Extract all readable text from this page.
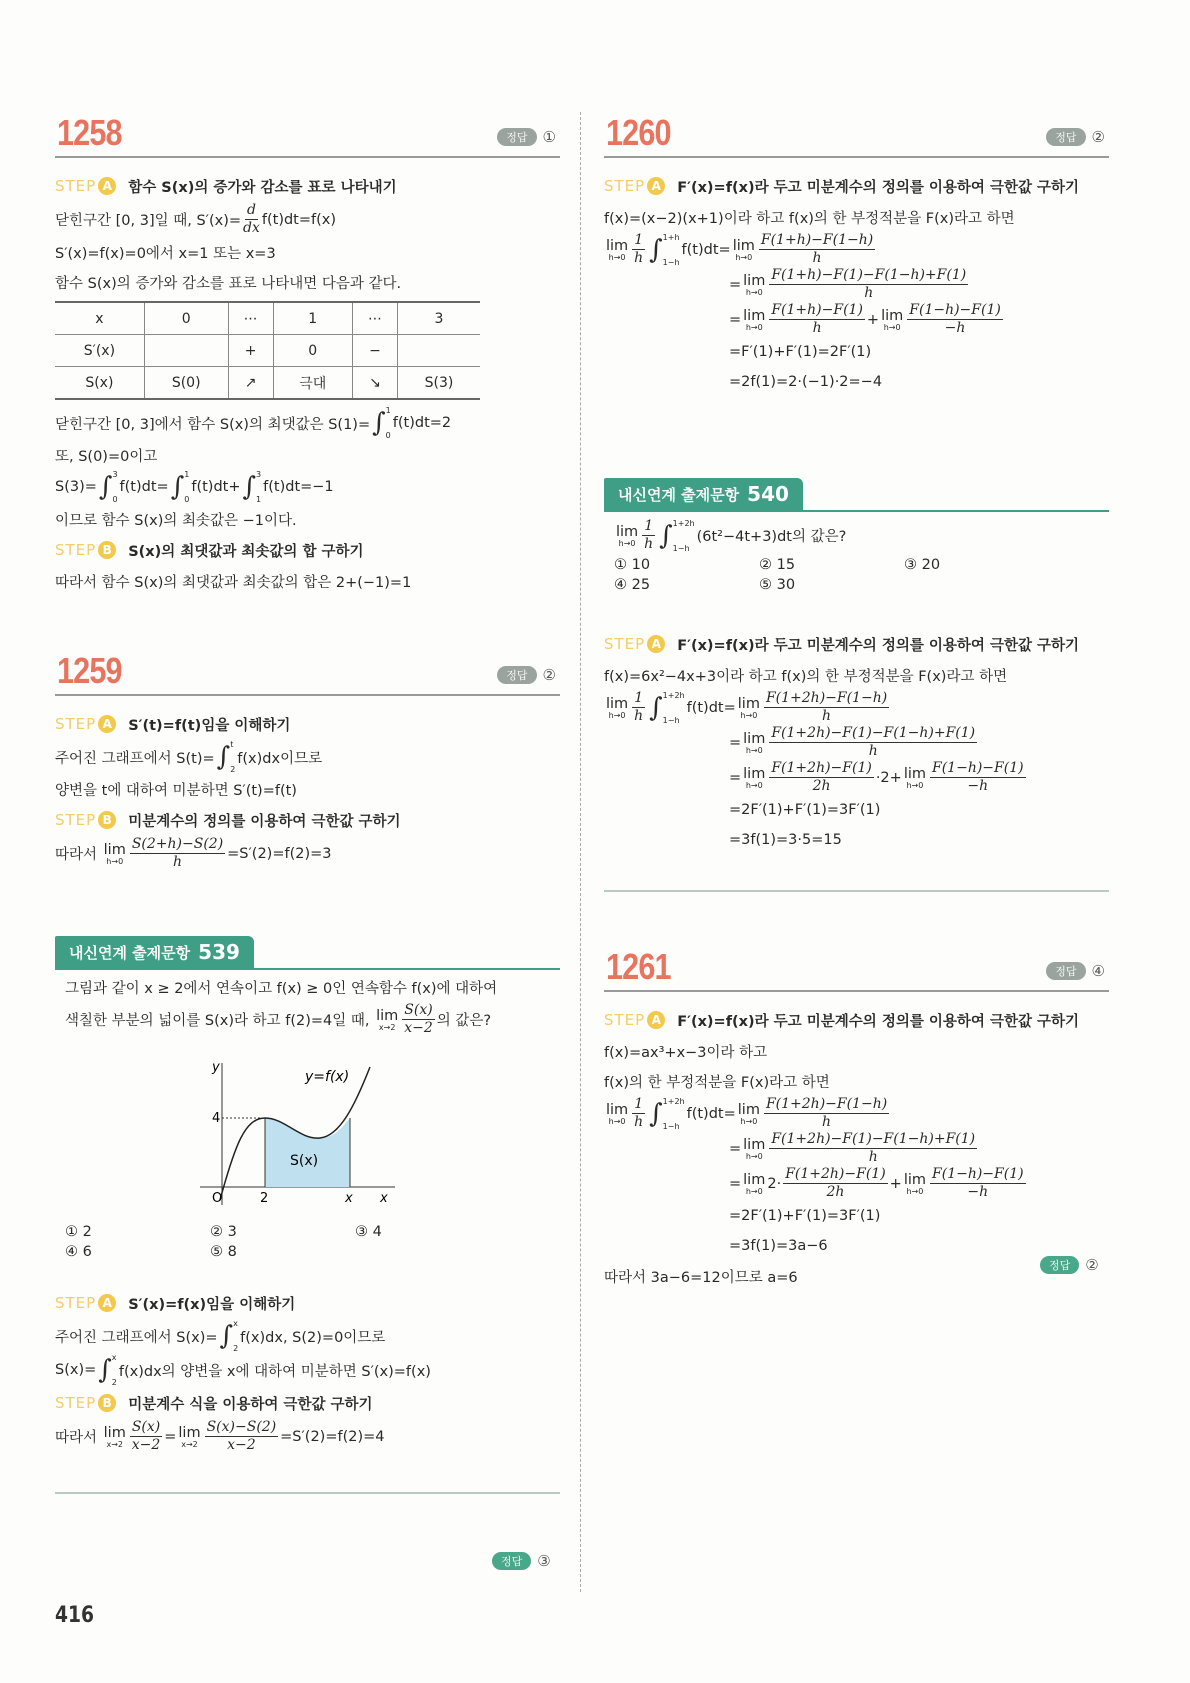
1258	정답	①
STEP A	함수 S(x)의 증가와 감소를 표로 나타내기
닫힌구간 [0, 3]일 때, $S'(x)= \frac{d}{dx} f(t)dt=f(x)$
S′(x)=f(x)=0에서 x=1 또는 x=3
함수 S(x)의 증가와 감소를 표로 나타내면 다음과 같다.
x	0	⋯	1	⋯	3
S′(x)		+	0	−	
S(x)	S(0)	↗	극대	↘	S(3)
닫힌구간 [0, 3]에서 함수 S(x)의 최댓값은 S(1)= ∫ 1
0
f(t)dt=2
또, S(0)=0이고
S(3)= ∫ 3
0
f(t)dt= ∫ 1
0
f(t)dt+ ∫ 3
1
f(t)dt=−1
이므로 함수 S(x)의 최솟값은 −1이다.
STEP B	S(x)의 최댓값과 최솟값의 합 구하기
따라서 함수 S(x)의 최댓값과 최솟값의 합은 2+(−1)=1
1259	정답	②
STEP A	S′(t)=f(t)임을 이해하기
주어진 그래프에서 S(t)= ∫ t
2
f(x)dx이므로
양변을 t에 대하여 미분하면 S′(t)=f(t)
STEP B	미분계수의 정의를 이용하여 극한값 구하기
따라서 lim
$h\to 0 \frac{S(2+h)-S(2)}{h} =S'(2)=f(2)=3$
내신연계 출제문항 539
그림과 같이 x ≥ 2에서 연속이고 f(x) ≥ 0인 연속함수 f(x)에 대하여
색칠한 부분의 넓이를 S(x)라 하고 f(2)=4일 때, lim
$x\to 2 \frac{S(x)}{x-2}$ 의 값은?
y
y=f(x)
4
O	2	x x
S(x)
① 2	② 3	③ 4
④ 6	⑤ 8
STEP A	S′(x)=f(x)임을 이해하기
주어진 그래프에서 S(x)= ∫ x
2
f(x)dx, S(2)=0이므로
S(x)= ∫ x
2
f(x)dx의 양변을 x에 대하여 미분하면 S′(x)=f(x)
STEP B	미분계수 식을 이용하여 극한값 구하기
따라서 lim
$x\to 2 \frac{S(x)}{x-2} = \lim$
$x\to 2 \frac{S(x)-S(2)}{x-2} =S'(2)=f(2)=4$
정답	③
1260	정답	②
STEP A	F′(x)=f(x)라 두고 미분계수의 정의를 이용하여 극한값 구하기
f(x)=(x−2)(x+1)이라 하고 f(x)의 한 부정적분을 F(x)라고 하면
lim
$h\to 0 \frac{1}{h}$ ∫ 1+h
1−h
f(t)dt= lim
$h\to 0 \frac{F(1+h)-F(1-h)}{h}$
= lim
$h\to 0 \frac{F(1+h)-F(1)-F(1-h)+F(1)}{h}$
= lim
$h\to 0 \frac{F(1+h)-F(1)}{h} + \lim$
$h\to 0 \frac{F(1-h)-F(1)}{-h}$
=F′(1)+F′(1)=2F′(1)
=2f(1)=2·(−1)·2=−4
내신연계 출제문항 540
lim
$h\to 0 \frac{1}{h}$ ∫ 1+2h
1−h
(6t²−4t+3)dt의 값은?
① 10	② 15	③ 20
④ 25	⑤ 30
STEP A	F′(x)=f(x)라 두고 미분계수의 정의를 이용하여 극한값 구하기
f(x)=6x²−4x+3이라 하고 f(x)의 한 부정적분을 F(x)라고 하면
lim
$h\to 0 \frac{1}{h}$ ∫ 1+2h
1−h
f(t)dt= lim
$h\to 0 \frac{F(1+2h)-F(1-h)}{h}$
= lim
$h\to 0 \frac{F(1+2h)-F(1)-F(1-h)+F(1)}{h}$
= lim
$h\to 0 \frac{F(1+2h)-F(1)}{2h} \cdot 2+ \lim$
$h\to 0 \frac{F(1-h)-F(1)}{-h}$
=2F′(1)+F′(1)=3F′(1)
=3f(1)=3·5=15
정답	②
1261	정답	④
STEP A	F′(x)=f(x)라 두고 미분계수의 정의를 이용하여 극한값 구하기
f(x)=ax³+x−3이라 하고
f(x)의 한 부정적분을 F(x)라고 하면
lim
$h\to 0 \frac{1}{h}$ ∫ 1+2h
1−h
f(t)dt= lim
$h\to 0 \frac{F(1+2h)-F(1-h)}{h}$
= lim
$h\to 0 \frac{F(1+2h)-F(1)-F(1-h)+F(1)}{h}$
= lim
h→0 $2\cdot \frac{F(1+2h)-F(1)}{2h} + \lim$
$h\to 0 \frac{F(1-h)-F(1)}{-h}$
=2F′(1)+F′(1)=3F′(1)
=3f(1)=3a−6
따라서 3a−6=12이므로 a=6
416
